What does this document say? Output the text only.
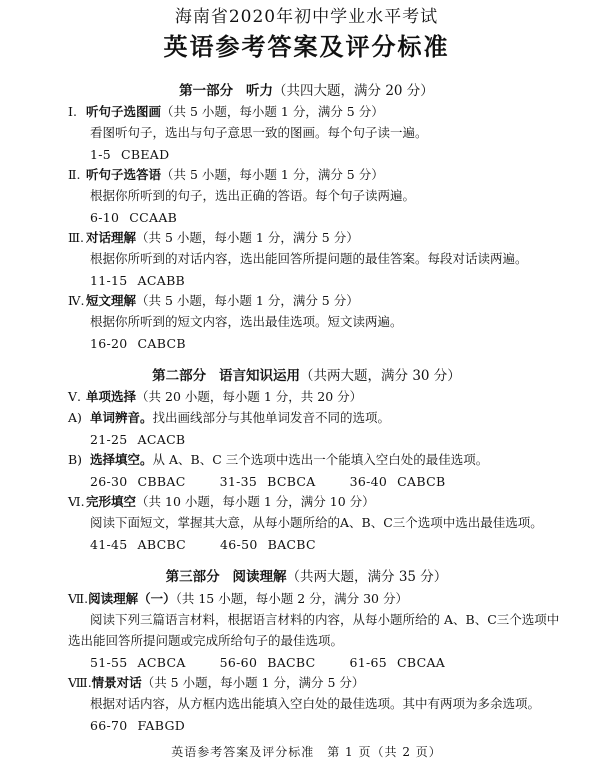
海南省2020年初中学业水平考试
英语参考答案及评分标准
第一部分 听力（共四大题，满分 20 分）
Ⅰ. 听句子选图画（共 5 小题，每小题 1 分，满分 5 分）
看图听句子，选出与句子意思一致的图画。每个句子读一遍。
1-5 CBEAD
Ⅱ. 听句子选答语（共 5 小题，每小题 1 分，满分 5 分）
根据你所听到的句子，选出正确的答语。每个句子读两遍。
6-10 CCAAB
Ⅲ. 对话理解（共 5 小题，每小题 1 分，满分 5 分）
根据你所听到的对话内容，选出能回答所提问题的最佳答案。每段对话读两遍。
11-15 ACABB
Ⅳ. 短文理解（共 5 小题，每小题 1 分，满分 5 分）
根据你所听到的短文内容，选出最佳选项。短文读两遍。
16-20 CABCB
第二部分 语言知识运用（共两大题，满分 30 分）
Ⅴ. 单项选择（共 20 小题，每小题 1 分，共 20 分）
A) 单词辨音。找出画线部分与其他单词发音不同的选项。
21-25 ACACB
B) 选择填空。从 A、B、C 三个选项中选出一个能填入空白处的最佳选项。
26-30 CBBAC	31-35 BCBCA	36-40 CABCB
Ⅵ.完形填空（共 10 小题，每小题 1 分，满分 10 分）
阅读下面短文，掌握其大意，从每小题所给的A、B、C三个选项中选出最佳选项。
41-45 ABCBC	46-50 BACBC
第三部分 阅读理解（共两大题，满分 35 分）
Ⅶ.阅读理解（一）（共 15 小题，每小题 2 分，满分 30 分）
阅读下列三篇语言材料，根据语言材料的内容，从每小题所给的 A、B、C三个选项中
选出能回答所提问题或完成所给句子的最佳选项。
51-55 ACBCA	56-60 BACBC	61-65 CBCAA
Ⅷ.情景对话（共 5 小题，每小题 1 分，满分 5 分）
根据对话内容，从方框内选出能填入空白处的最佳选项。其中有两项为多余选项。
66-70 FABGD
英语参考答案及评分标准　第 1 页（共 2 页）
